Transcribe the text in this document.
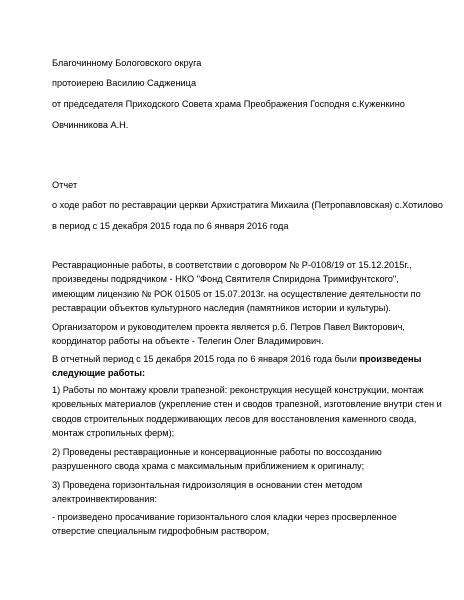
Благочинному Бологовского округа

протоиерею Василию Садженица

от председателя Приходского Совета храма Преображения Господня с.Куженкино

Овчинникова А.Н.

Отчет

о ходе работ по реставрации церкви Архистратига Михаила (Петропавловская) с.Хотилово

в период с 15 декабря 2015 года по 6 января 2016 года

Реставрационные работы, в соответствии с договором № Р-0108/19 от 15.12.2015г.,
произведены подрядчиком - НКО "Фонд Святителя Спиридона Тримифунтского",
имеющим лицензию № РОК 01505 от 15.07.2013г. на осуществление деятельности по
реставрации объектов культурного наследия (памятников истории и культуры).
Организатором и руководителем проекта является р.б. Петров Павел Викторович,
координатор работы на объекте - Телегин Олег Владимирович.
В отчетный период с 15 декабря 2015 года по 6 января 2016 года были произведены
следующие работы:
1) Работы по монтажу кровли трапезной: реконструкция несущей конструкции, монтаж
кровельных материалов (укрепление стен и сводов трапезной, изготовление внутри стен и
сводов строительных поддерживающих лесов для восстановления каменного свода,
монтаж стропильных ферм);
2) Проведены реставрационные и консервационные работы по воссозданию
разрушенного свода храма с максимальным приближением к оригиналу;
3) Проведена горизонтальная гидроизоляция в основании стен методом
электроинвектирования:
- произведено просачивание горизонтального слоя кладки через просверленное
отверстие специальным гидрофобным раствором,
